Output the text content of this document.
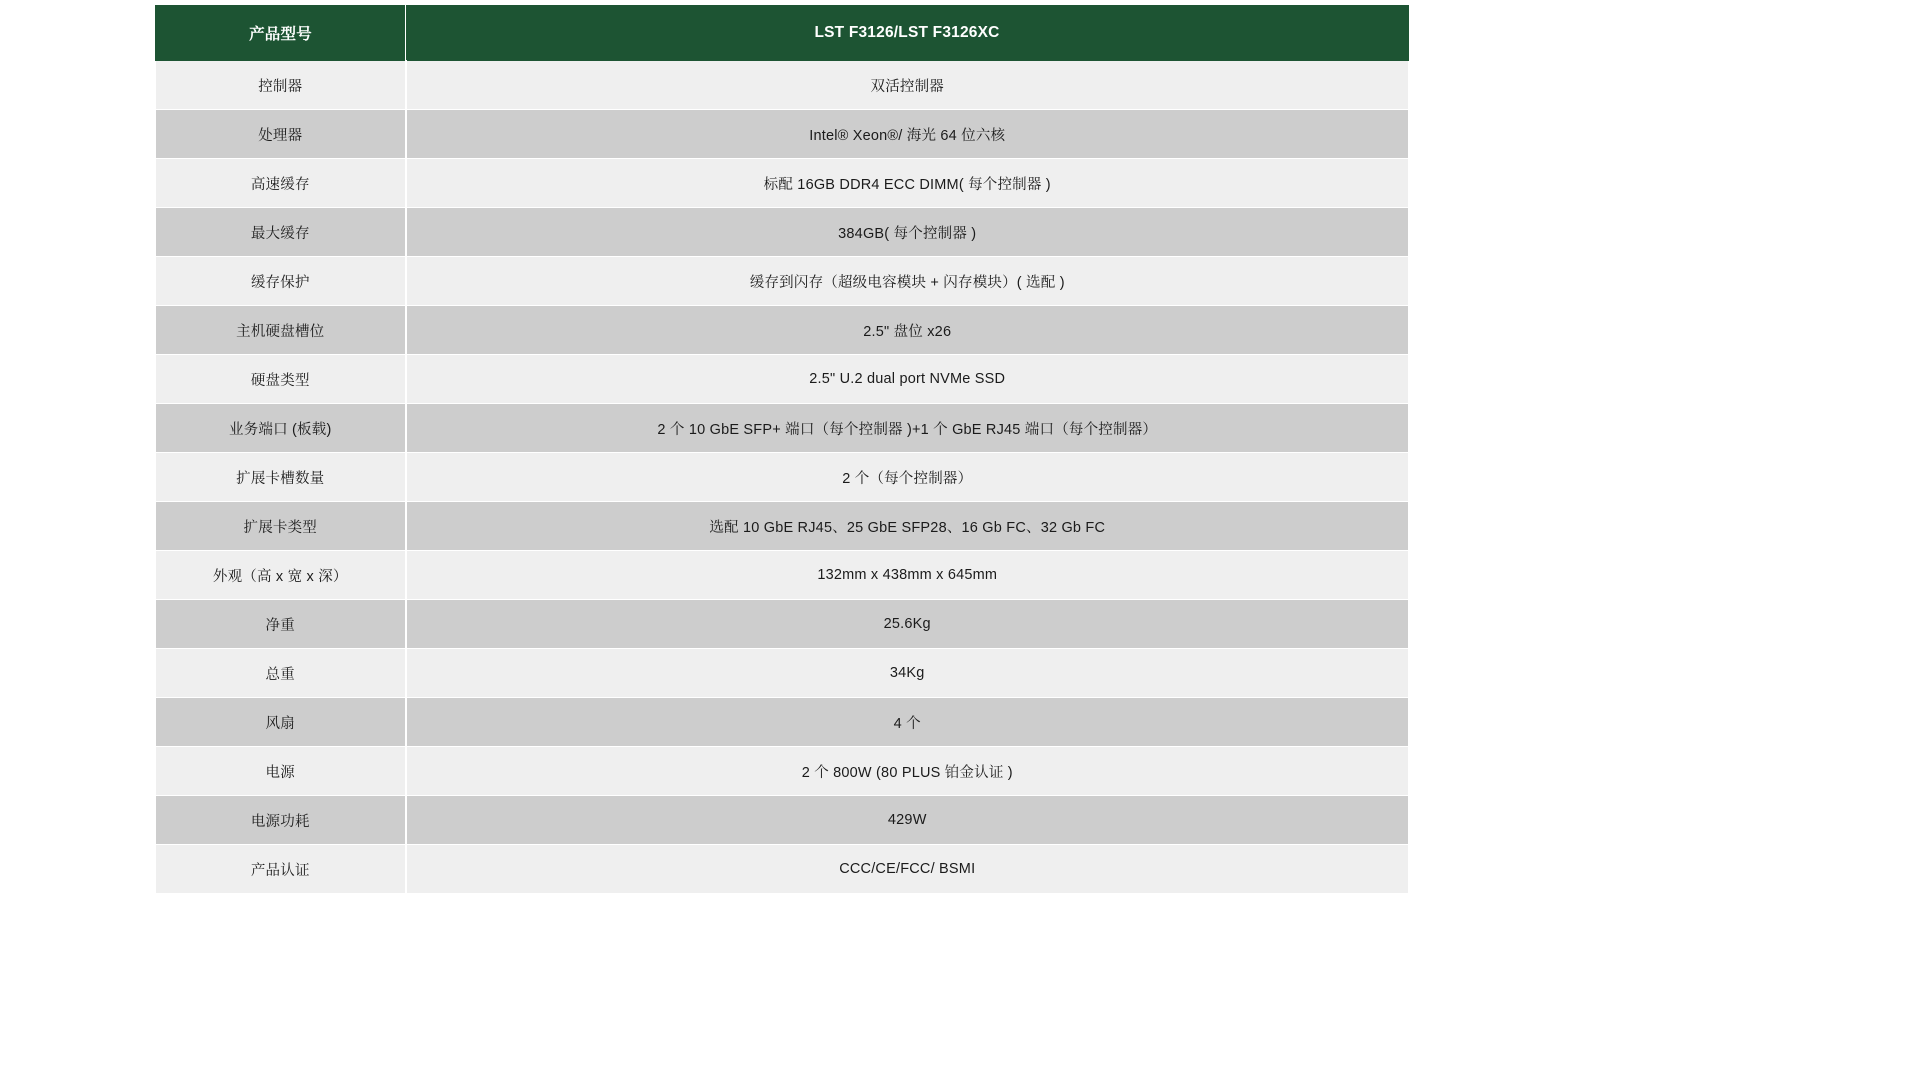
产品型号	LST F3126/LST F3126XC
控制器	双活控制器
处理器	Intel® Xeon®/ 海光 64 位六核
高速缓存	标配 16GB DDR4 ECC DIMM( 每个控制器 )
最大缓存	384GB( 每个控制器 )
缓存保护	缓存到闪存（超级电容模块 + 闪存模块）( 选配 )
主机硬盘槽位	2.5" 盘位 x26
硬盘类型	2.5" U.2 dual port NVMe SSD
业务端口 (板载)	2 个 10 GbE SFP+ 端口（每个控制器 )+1 个 GbE RJ45 端口（每个控制器）
扩展卡槽数量	2 个（每个控制器）
扩展卡类型	选配 10 GbE RJ45、25 GbE SFP28、16 Gb FC、32 Gb FC
外观（高 x 宽 x 深）	132mm x 438mm x 645mm
净重	25.6Kg
总重	34Kg
风扇	4 个
电源	2 个 800W (80 PLUS 铂金认证 )
电源功耗	429W
产品认证	CCC/CE/FCC/ BSMI
